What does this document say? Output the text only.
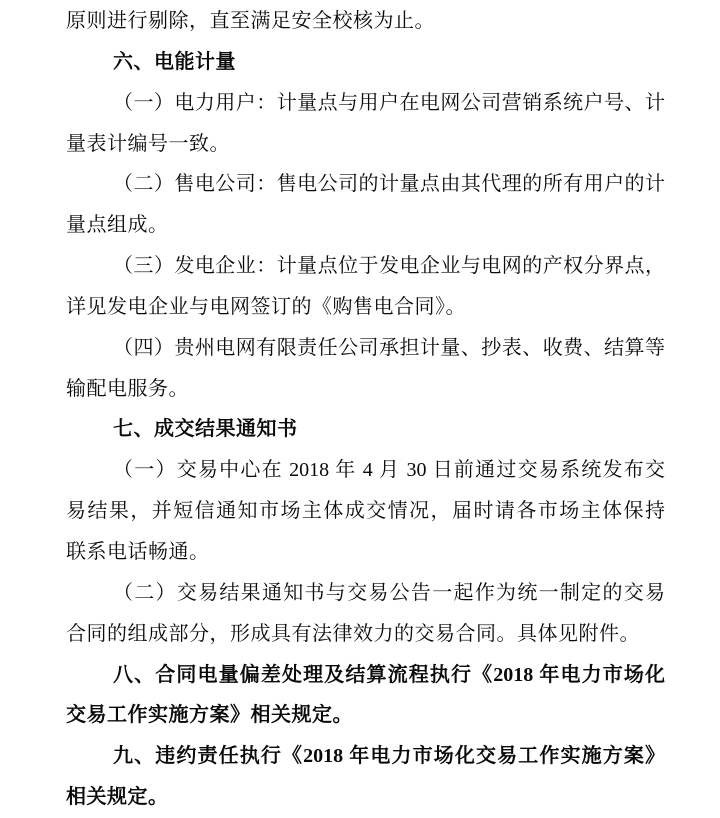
原则进行剔除，直至满足安全校核为止。
六、电能计量
（一）电力用户：计量点与用户在电网公司营销系统户号、计
量表计编号一致。
（二）售电公司：售电公司的计量点由其代理的所有用户的计
量点组成。
（三）发电企业：计量点位于发电企业与电网的产权分界点，
详见发电企业与电网签订的《购售电合同》。
（四）贵州电网有限责任公司承担计量、抄表、收费、结算等
输配电服务。
七、成交结果通知书
（一）交易中心在 2018 年 4 月 30 日前通过交易系统发布交
易结果，并短信通知市场主体成交情况，届时请各市场主体保持
联系电话畅通。
（二）交易结果通知书与交易公告一起作为统一制定的交易
合同的组成部分，形成具有法律效力的交易合同。具体见附件。
八、合同电量偏差处理及结算流程执行《2018 年电力市场化
交易工作实施方案》相关规定。
九、违约责任执行《2018 年电力市场化交易工作实施方案》
相关规定。
